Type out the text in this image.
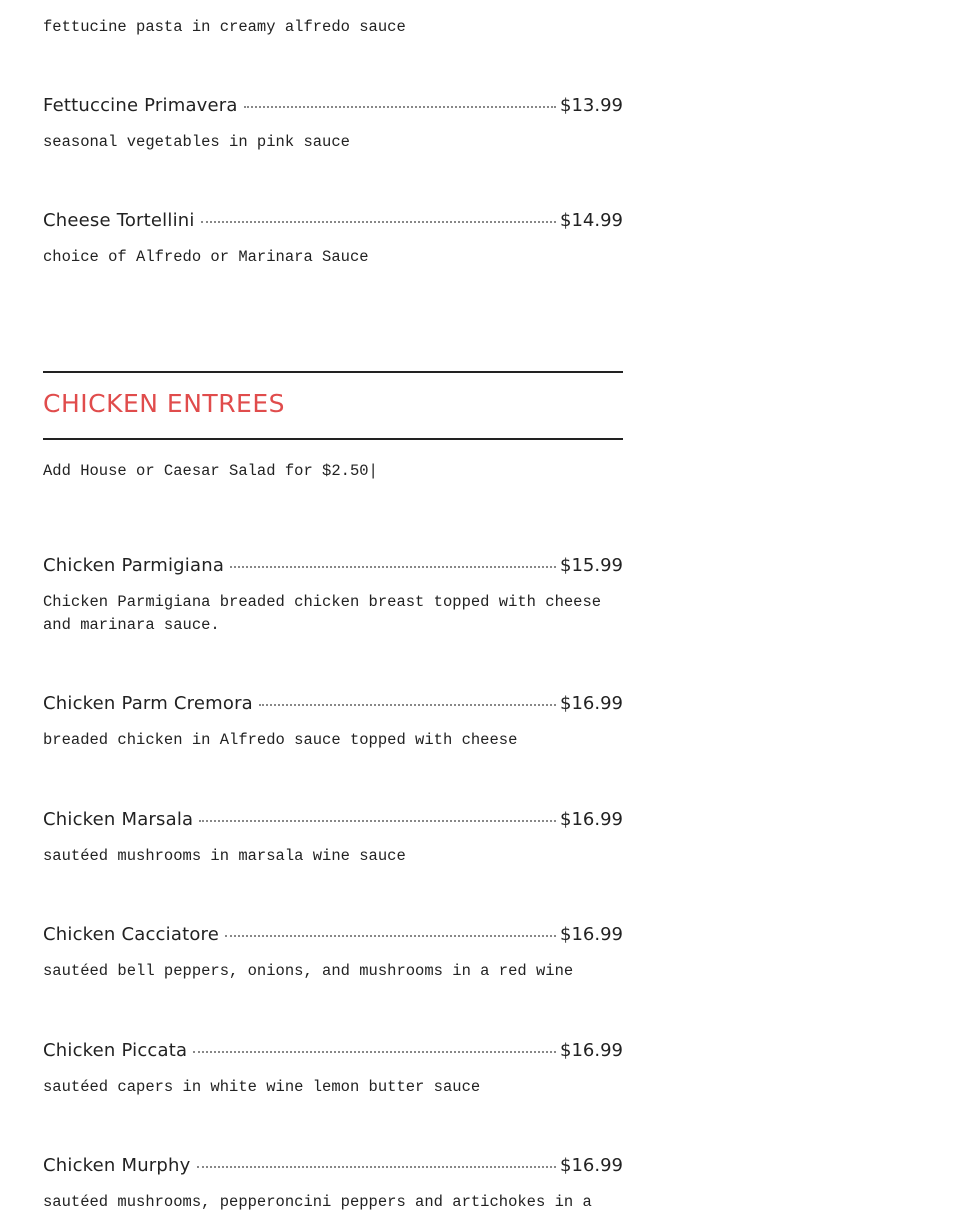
fettucine pasta in creamy alfredo sauce
Fettuccine Primavera	$13.99
seasonal vegetables in pink sauce
Cheese Tortellini	$14.99
choice of Alfredo or Marinara Sauce
CHICKEN ENTREES
Add House or Caesar Salad for $2.50|
Chicken Parmigiana	$15.99
Chicken Parmigiana breaded chicken breast topped with cheese and marinara sauce.
Chicken Parm Cremora	$16.99
breaded chicken in Alfredo sauce topped with cheese
Chicken Marsala	$16.99
sautéed mushrooms in marsala wine sauce
Chicken Cacciatore	$16.99
sautéed bell peppers, onions, and mushrooms in a red wine
Chicken Piccata	$16.99
sautéed capers in white wine lemon butter sauce
Chicken Murphy	$16.99
sautéed mushrooms, pepperoncini peppers and artichokes in a
